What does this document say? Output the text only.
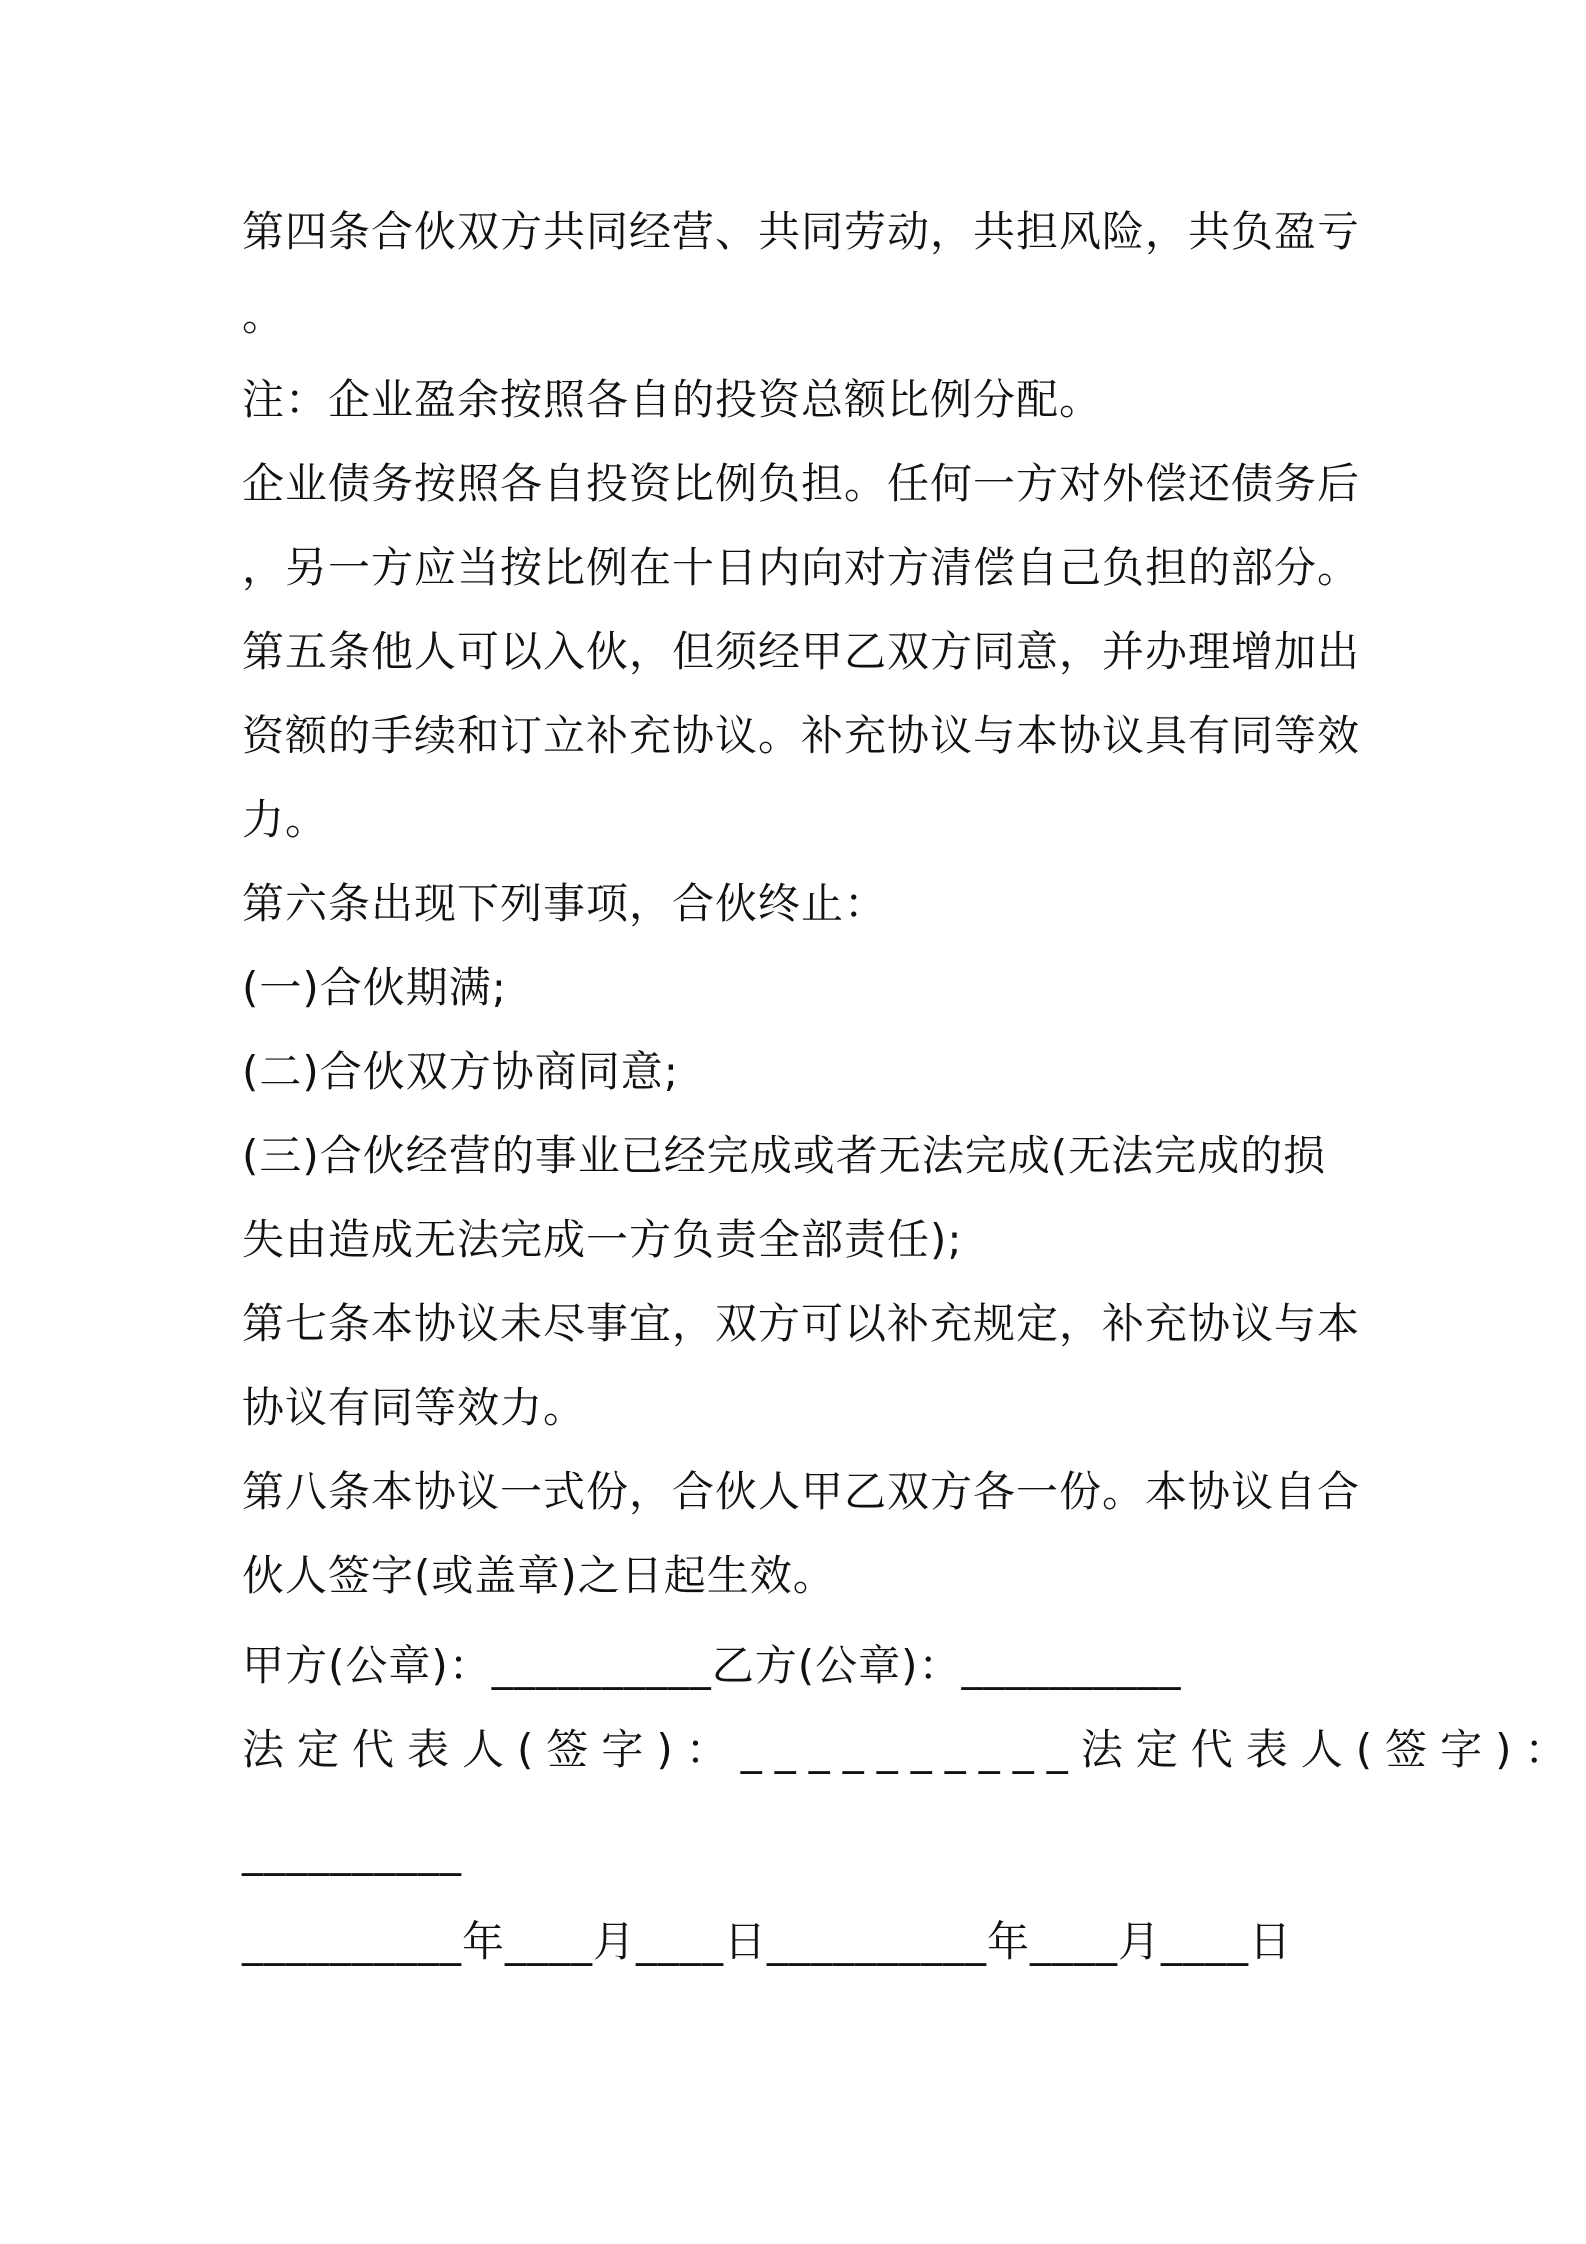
第四条合伙双方共同经营、共同劳动，共担风险，共负盈亏
。
注：企业盈余按照各自的投资总额比例分配。
企业债务按照各自投资比例负担。任何一方对外偿还债务后
，另一方应当按比例在十日内向对方清偿自己负担的部分。
第五条他人可以入伙，但须经甲乙双方同意，并办理增加出
资额的手续和订立补充协议。补充协议与本协议具有同等效
力。
第六条出现下列事项，合伙终止：
(一)合伙期满;
(二)合伙双方协商同意;
(三)合伙经营的事业已经完成或者无法完成(无法完成的损
失由造成无法完成一方负责全部责任);
第七条本协议未尽事宜，双方可以补充规定，补充协议与本
协议有同等效力。
第八条本协议一式份，合伙人甲乙双方各一份。本协议自合
伙人签字(或盖章)之日起生效。
甲方(公章)：__________乙方(公章)：__________
法定代表人(签字)：__________法定代表人(签字)：
__________
__________年____月____日__________年____月____日
